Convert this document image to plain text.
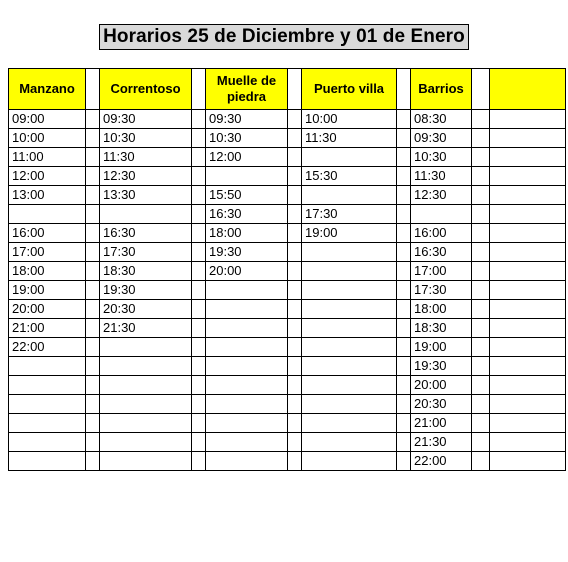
Horarios 25 de Diciembre y 01 de Enero
Manzano		Correntoso		Muelle de piedra		Puerto villa		Barrios		
09:00		09:30		09:30		10:00		08:30		
10:00		10:30		10:30		11:30		09:30		
11:00		11:30		12:00				10:30		
12:00		12:30				15:30		11:30		
13:00		13:30		15:50				12:30		
				16:30		17:30				
16:00		16:30		18:00		19:00		16:00		
17:00		17:30		19:30				16:30		
18:00		18:30		20:00				17:00		
19:00		19:30						17:30		
20:00		20:30						18:00		
21:00		21:30						18:30		
22:00								19:00		
								19:30		
								20:00		
								20:30		
								21:00		
								21:30		
								22:00		
